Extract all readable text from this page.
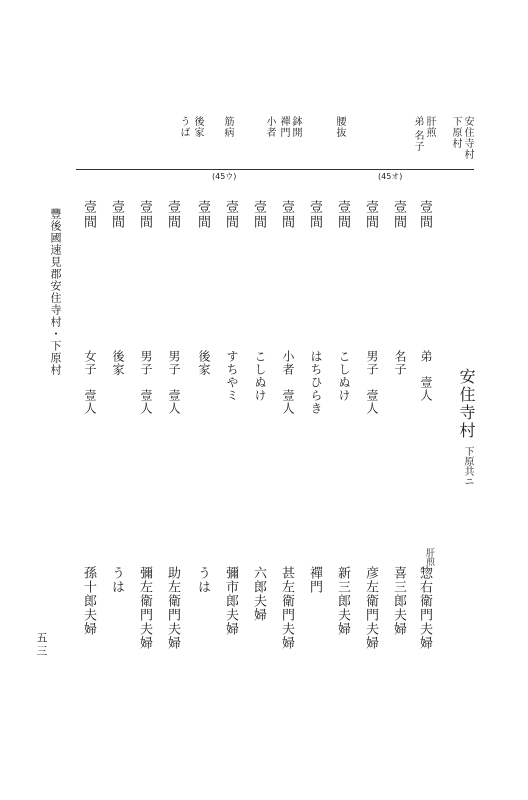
安住寺村
下原村
肝煎
弟
名子
腰抜
鉢開
禪門
小者
筋病
後家
うば
(45ウ)	(45オ)
安住寺村
下原共ニ
壹間
弟　壹人
惣右衛門夫婦
肝煎
壹間
名子
喜三郎夫婦
壹間
男子　壹人
彦左衛門夫婦
壹間
こしぬけ
新三郎夫婦
壹間
はちひらき
禪門
壹間
小者　壹人
甚左衛門夫婦
壹間
こしぬけ
六郎夫婦
壹間
すちやミ
彌市郎夫婦
壹間
後家
うは
壹間
男子　壹人
助左衛門夫婦
壹間
男子　壹人
彌左衛門夫婦
壹間
後家
うは
壹間
女子　壹人
孫十郎夫婦
豐後國速見郡安住寺村・下原村
五三
